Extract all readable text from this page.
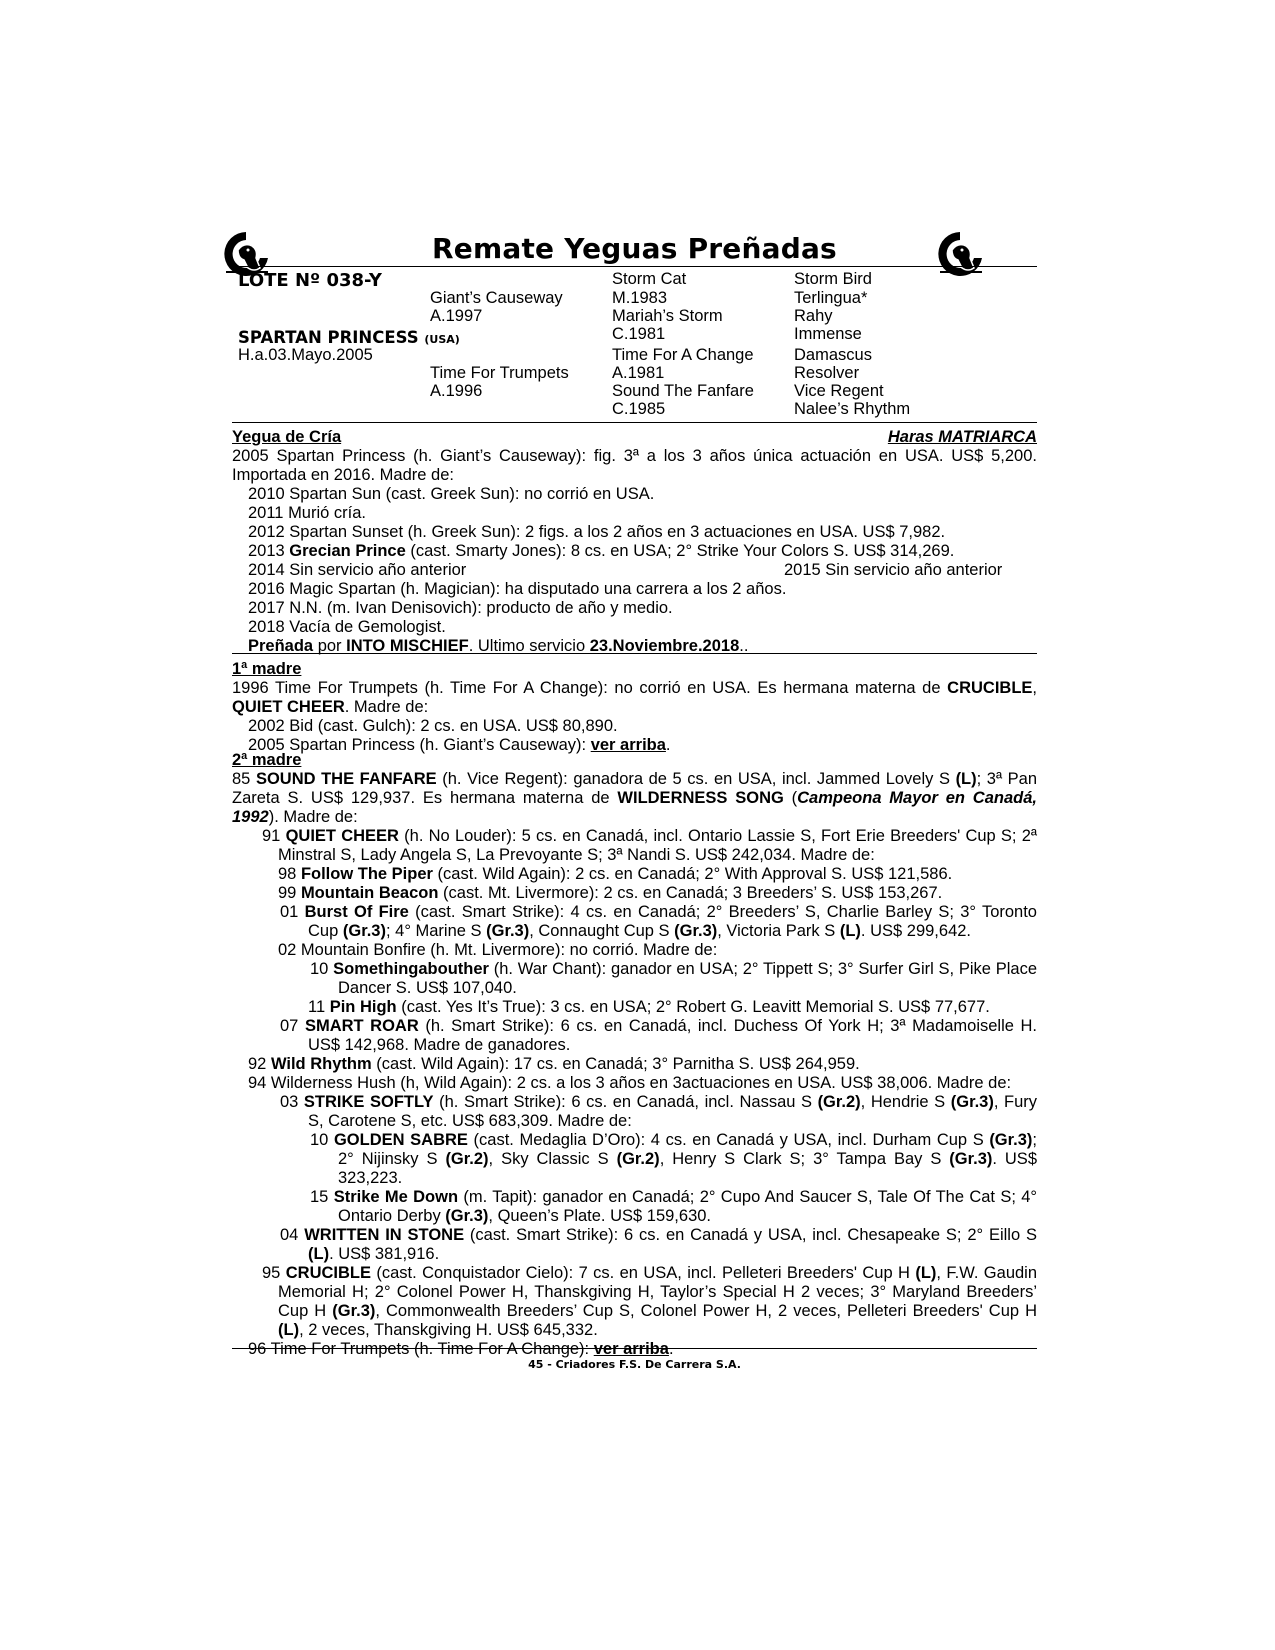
Remate Yeguas Preñadas
LOTE Nº 038-Y
SPARTAN PRINCESS (USA)
H.a.03.Mayo.2005
Giant’s Causeway
A.1997
Time For Trumpets
A.1996
Storm Cat
M.1983
Mariah’s Storm
C.1981
Time For A Change
A.1981
Sound The Fanfare
C.1985
Storm Bird
Terlingua*
Rahy
Immense
Damascus
Resolver
Vice Regent
Nalee’s Rhythm
Yegua de Cría	Haras MATRIARCA
2005 Spartan Princess (h. Giant’s Causeway): fig. 3ª a los 3 años única actuación en USA. US$ 5,200.
Importada en 2016. Madre de:
2010 Spartan Sun (cast. Greek Sun): no corrió en USA.
2011 Murió cría.
2012 Spartan Sunset (h. Greek Sun): 2 figs. a los 2 años en 3 actuaciones en USA. US$ 7,982.
2013 Grecian Prince (cast. Smarty Jones): 8 cs. en USA; 2° Strike Your Colors S. US$ 314,269.
2014 Sin servicio año anterior	2015 Sin servicio año anterior
2016 Magic Spartan (h. Magician): ha disputado una carrera a los 2 años.
2017 N.N. (m. Ivan Denisovich): producto de año y medio.
2018 Vacía de Gemologist.
Preñada por INTO MISCHIEF. Ultimo servicio 23.Noviembre.2018..
1ª madre
1996 Time For Trumpets (h. Time For A Change): no corrió en USA. Es hermana materna de CRUCIBLE,
QUIET CHEER. Madre de:
2002 Bid (cast. Gulch): 2 cs. en USA. US$ 80,890.
2005 Spartan Princess (h. Giant’s Causeway): ver arriba.
2ª madre
85 SOUND THE FANFARE (h. Vice Regent): ganadora de 5 cs. en USA, incl. Jammed Lovely S (L); 3ª Pan Zareta S. US$ 129,937. Es hermana materna de WILDERNESS SONG (Campeona Mayor en Canadá, 1992). Madre de:
91 QUIET CHEER (h. No Louder): 5 cs. en Canadá, incl. Ontario Lassie S, Fort Erie Breeders' Cup S; 2ª Minstral S, Lady Angela S, La Prevoyante S; 3ª Nandi S. US$ 242,034. Madre de:
98 Follow The Piper (cast. Wild Again): 2 cs. en Canadá; 2° With Approval S. US$ 121,586.
99 Mountain Beacon (cast. Mt. Livermore): 2 cs. en Canadá; 3 Breeders’ S. US$ 153,267.
01 Burst Of Fire (cast. Smart Strike): 4 cs. en Canadá; 2° Breeders’ S, Charlie Barley S; 3° Toronto Cup (Gr.3); 4° Marine S (Gr.3), Connaught Cup S (Gr.3), Victoria Park S (L). US$ 299,642.
02 Mountain Bonfire (h. Mt. Livermore): no corrió. Madre de:
10 Somethingabouther (h. War Chant): ganador en USA; 2° Tippett S; 3° Surfer Girl S, Pike Place Dancer S. US$ 107,040.
11 Pin High (cast. Yes It’s True): 3 cs. en USA; 2° Robert G. Leavitt Memorial S. US$ 77,677.
07 SMART ROAR (h. Smart Strike): 6 cs. en Canadá, incl. Duchess Of York H; 3ª Madamoiselle H. US$ 142,968. Madre de ganadores.
92 Wild Rhythm (cast. Wild Again): 17 cs. en Canadá; 3° Parnitha S. US$ 264,959.
94 Wilderness Hush (h, Wild Again): 2 cs. a los 3 años en 3actuaciones en USA. US$ 38,006. Madre de:
03 STRIKE SOFTLY (h. Smart Strike): 6 cs. en Canadá, incl. Nassau S (Gr.2), Hendrie S (Gr.3), Fury S, Carotene S, etc. US$ 683,309. Madre de:
10 GOLDEN SABRE (cast. Medaglia D’Oro): 4 cs. en Canadá y USA, incl. Durham Cup S (Gr.3); 2° Nijinsky S (Gr.2), Sky Classic S (Gr.2), Henry S Clark S; 3° Tampa Bay S (Gr.3). US$ 323,223.
15 Strike Me Down (m. Tapit): ganador en Canadá; 2° Cupo And Saucer S, Tale Of The Cat S; 4° Ontario Derby (Gr.3), Queen’s Plate. US$ 159,630.
04 WRITTEN IN STONE (cast. Smart Strike): 6 cs. en Canadá y USA, incl. Chesapeake S; 2° Eillo S (L). US$ 381,916.
95 CRUCIBLE (cast. Conquistador Cielo): 7 cs. en USA, incl. Pelleteri Breeders' Cup H (L), F.W. Gaudin Memorial H; 2° Colonel Power H, Thanskgiving H, Taylor’s Special H 2 veces; 3° Maryland Breeders’ Cup H (Gr.3), Commonwealth Breeders’ Cup S, Colonel Power H, 2 veces, Pelleteri Breeders' Cup H (L), 2 veces, Thanskgiving H. US$ 645,332.
96 Time For Trumpets (h. Time For A Change): ver arriba.
45 - Criadores F.S. De Carrera S.A.
